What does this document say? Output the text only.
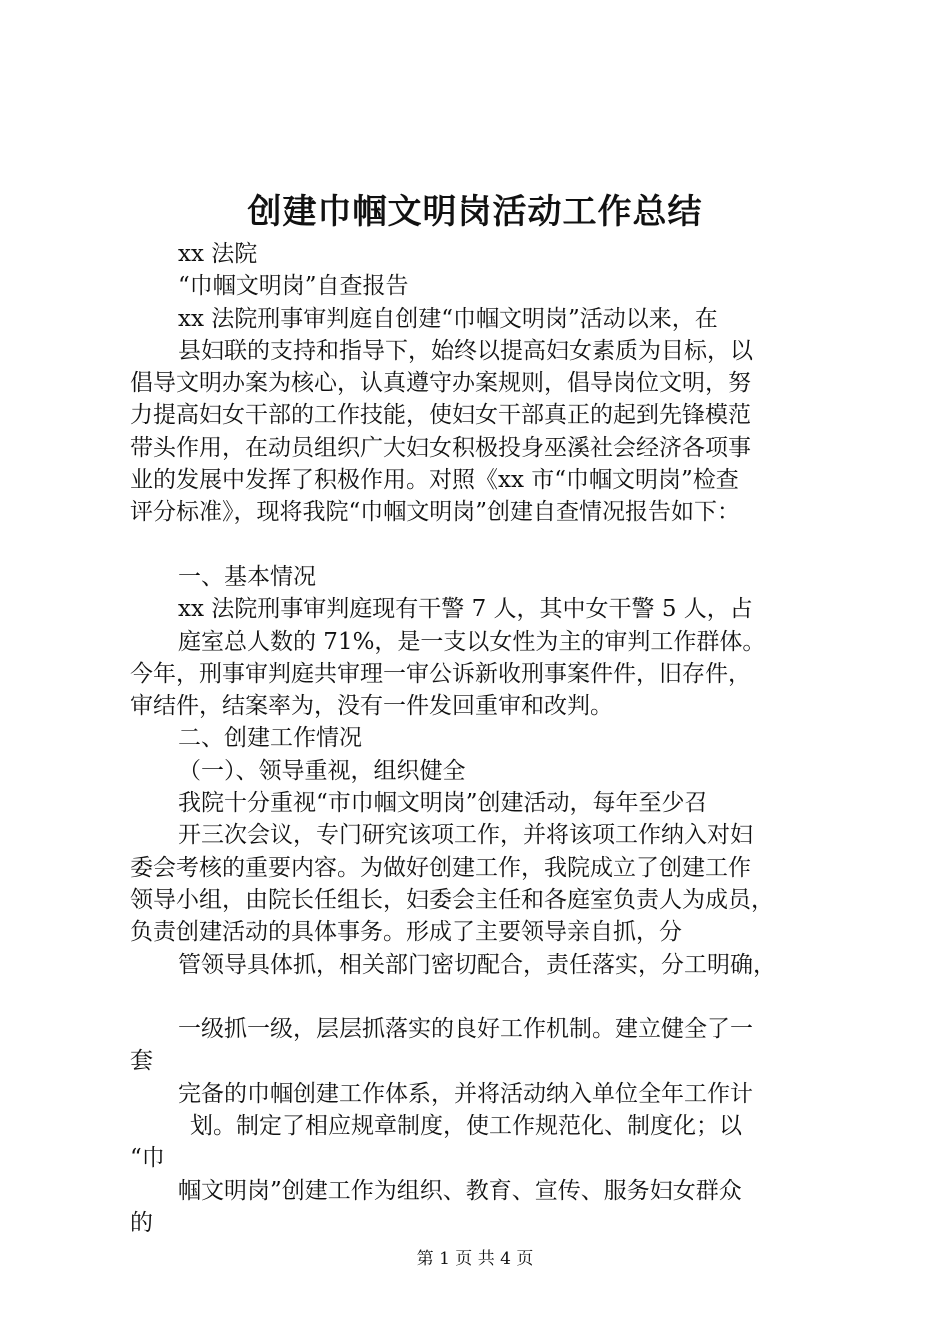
创建巾帼文明岗活动工作总结
xx 法院
“巾帼文明岗”自查报告
xx 法院刑事审判庭自创建“巾帼文明岗”活动以来，在
县妇联的支持和指导下，始终以提高妇女素质为目标，以
倡导文明办案为核心，认真遵守办案规则，倡导岗位文明，努
力提高妇女干部的工作技能，使妇女干部真正的起到先锋模范
带头作用，在动员组织广大妇女积极投身巫溪社会经济各项事
业的发展中发挥了积极作用。对照《xx 市“巾帼文明岗”检查
评分标准》，现将我院“巾帼文明岗”创建自查情况报告如下：
一、基本情况
xx 法院刑事审判庭现有干警 7 人，其中女干警 5 人，占
庭室总人数的 71%，是一支以女性为主的审判工作群体。
今年，刑事审判庭共审理一审公诉新收刑事案件件，旧存件，
审结件，结案率为，没有一件发回重审和改判。
二、创建工作情况
（一）、领导重视，组织健全
我院十分重视“市巾帼文明岗”创建活动，每年至少召
开三次会议，专门研究该项工作，并将该项工作纳入对妇
委会考核的重要内容。为做好创建工作，我院成立了创建工作
领导小组，由院长任组长，妇委会主任和各庭室负责人为成员，
负责创建活动的具体事务。形成了主要领导亲自抓，分
管领导具体抓，相关部门密切配合，责任落实，分工明确，
一级抓一级，层层抓落实的良好工作机制。建立健全了一
套
完备的巾帼创建工作体系，并将活动纳入单位全年工作计
划。制定了相应规章制度，使工作规范化、制度化；以
“巾
帼文明岗”创建工作为组织、教育、宣传、服务妇女群众
的
第 1 页 共 4 页
